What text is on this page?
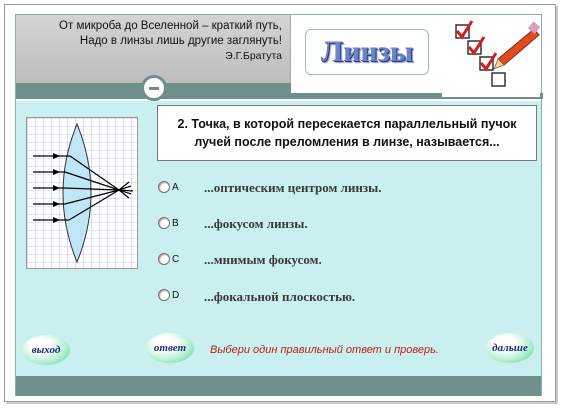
От микроба до Вселенной – краткий путь,
Надо в линзы лишь другие заглянуть!
Э.Г.Братута Линзы
2. Точка, в которой пересекается параллельный пучок лучей после преломления в линзе, называется...
A	...оптическим центром линзы.
B	...фокусом линзы.
C	...мнимым фокусом.
D	...фокальной плоскостью.
выход	ответ Выбери один правильный ответ и проверь.	дальше
